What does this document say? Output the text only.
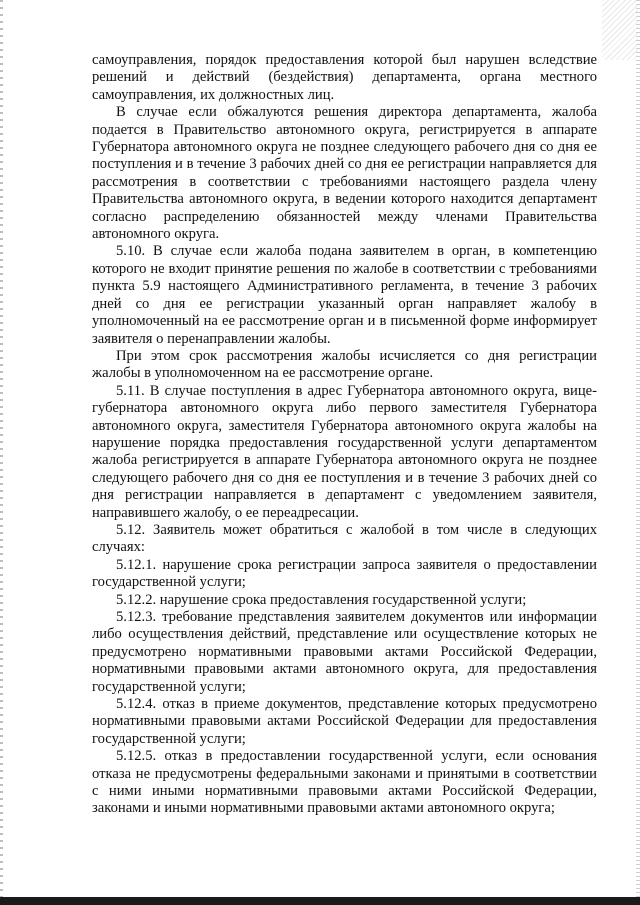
самоуправления, порядок предоставления которой был нарушен вследствие решений и действий (бездействия) департамента, органа местного самоуправления, их должностных лиц.

В случае если обжалуются решения директора департамента, жалоба подается в Правительство автономного округа, регистрируется в аппарате Губернатора автономного округа не позднее следующего рабочего дня со дня ее поступления и в течение 3 рабочих дней со дня ее регистрации направляется для рассмотрения в соответствии с требованиями настоящего раздела члену Правительства автономного округа, в ведении которого находится департамент согласно распределению обязанностей между членами Правительства автономного округа.

5.10. В случае если жалоба подана заявителем в орган, в компетенцию которого не входит принятие решения по жалобе в соответствии с требованиями пункта 5.9 настоящего Административного регламента, в течение 3 рабочих дней со дня ее регистрации указанный орган направляет жалобу в уполномоченный на ее рассмотрение орган и в письменной форме информирует заявителя о перенаправлении жалобы.

При этом срок рассмотрения жалобы исчисляется со дня регистрации жалобы в уполномоченном на ее рассмотрение органе.

5.11. В случае поступления в адрес Губернатора автономного округа, вице-губернатора автономного округа либо первого заместителя Губернатора автономного округа, заместителя Губернатора автономного округа жалобы на нарушение порядка предоставления государственной услуги департаментом жалоба регистрируется в аппарате Губернатора автономного округа не позднее следующего рабочего дня со дня ее поступления и в течение 3 рабочих дней со дня регистрации направляется в департамент с уведомлением заявителя, направившего жалобу, о ее переадресации.

5.12. Заявитель может обратиться с жалобой в том числе в следующих случаях:

5.12.1. нарушение срока регистрации запроса заявителя о предоставлении государственной услуги;

5.12.2. нарушение срока предоставления государственной услуги;

5.12.3. требование представления заявителем документов или информации либо осуществления действий, представление или осуществление которых не предусмотрено нормативными правовыми актами Российской Федерации, нормативными правовыми актами автономного округа, для предоставления государственной услуги;

5.12.4. отказ в приеме документов, представление которых предусмотрено нормативными правовыми актами Российской Федерации для предоставления государственной услуги;

5.12.5. отказ в предоставлении государственной услуги, если основания отказа не предусмотрены федеральными законами и принятыми в соответствии с ними иными нормативными правовыми актами Российской Федерации, законами и иными нормативными правовыми актами автономного округа;
